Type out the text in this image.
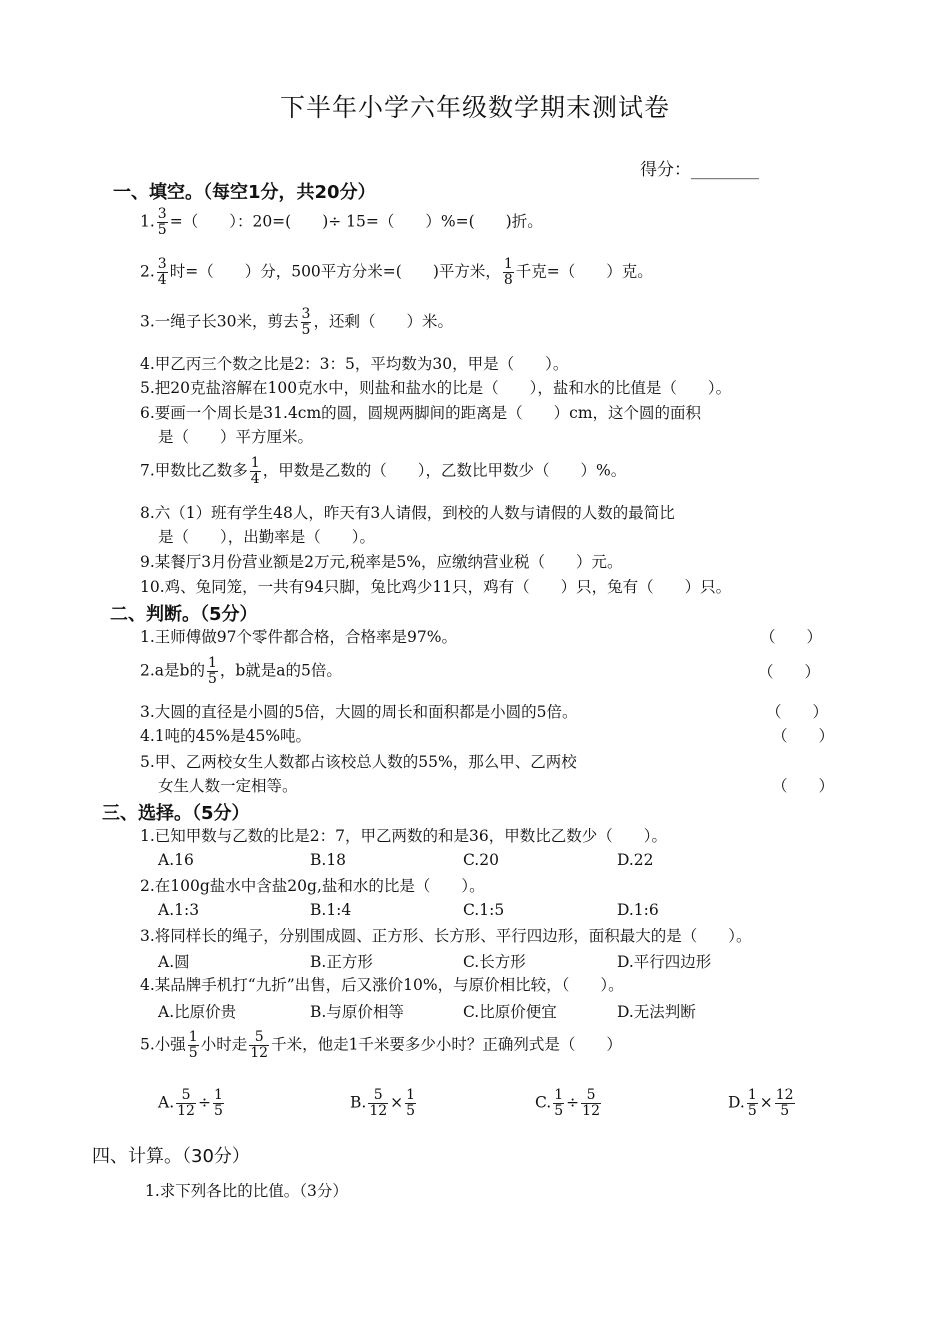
下半年小学六年级数学期末测试卷
得分：________
一、填空。（每空1分，共20分）
1. $\frac{3}{5}$ =（　　）：20=(　　)÷ 15=（　　）%=(　　)折。
2. $\frac{3}{4}$ 时=（　　）分，500平方分米=(　　)平方米， $\frac{1}{8}$ 千克=（　　）克。
3.一绳子长30米，剪去 $\frac{3}{5}$ ，还剩（　　）米。
4.甲乙丙三个数之比是2：3：5，平均数为30，甲是（　　）。
5.把20克盐溶解在100克水中，则盐和盐水的比是（　　），盐和水的比值是（　　）。
6.要画一个周长是31.4cm的圆，圆规两脚间的距离是（　　）cm，这个圆的面积
是（　　）平方厘米。
7.甲数比乙数多 $\frac{1}{4}$ ，甲数是乙数的（　　），乙数比甲数少（　　）%。
8.六（1）班有学生48人，昨天有3人请假，到校的人数与请假的人数的最简比
是（　　），出勤率是（　　）。
9.某餐厅3月份营业额是2万元,税率是5%，应缴纳营业税（　　）元。
10.鸡、兔同笼，一共有94只脚，兔比鸡少11只，鸡有（　　）只，兔有（　　）只。
二、判断。（5分）
1.王师傅做97个零件都合格，合格率是97%。	（　　）
2.a是b的 $\frac{1}{5}$ ，b就是a的5倍。	（　　）
3.大圆的直径是小圆的5倍，大圆的周长和面积都是小圆的5倍。	（　　）
4.1吨的45%是45%吨。	（　　）
5.甲、乙两校女生人数都占该校总人数的55%，那么甲、乙两校
女生人数一定相等。	（　　）
三、选择。（5分）
1.已知甲数与乙数的比是2：7，甲乙两数的和是36，甲数比乙数少（　　）。
A.16	B.18	C.20	D.22
2.在100g盐水中含盐20g,盐和水的比是（　　）。
A.1:3	B.1:4	C.1:5	D.1:6
3.将同样长的绳子，分别围成圆、正方形、长方形、平行四边形，面积最大的是（　　）。
A.圆	B.正方形	C.长方形	D.平行四边形
4.某品牌手机打“九折”出售，后又涨价10%，与原价相比较，（　　）。
A.比原价贵	B.与原价相等	C.比原价便宜	D.无法判断
5.小强 $\frac{1}{5}$ 小时走 $\frac{5}{12}$ 千米，他走1千米要多少小时？正确列式是（　　）
A. $\frac{5}{12} \div \frac{1}{5}$	B. $\frac{5}{12} \times \frac{1}{5}$	C. $\frac{1}{5} \div \frac{5}{12}$	D. $\frac{1}{5} \times \frac{12}{5}$
四、计算。（30分）
1.求下列各比的比值。（3分）
